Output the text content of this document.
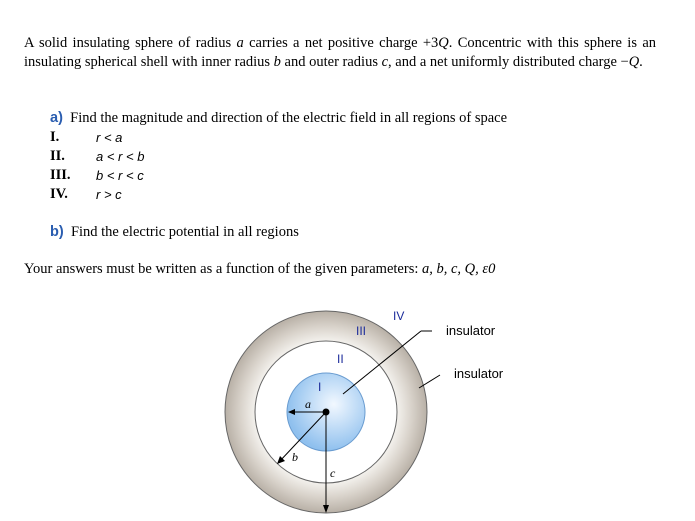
A solid insulating sphere of radius a carries a net positive charge +3Q. Concentric with this sphere is an insulating spherical shell with inner radius b and outer radius c, and a net uniformly distributed charge −Q.
a) Find the magnitude and direction of the electric field in all regions of space
I.	r < a
II. a < r < b
III. b < r < c
IV. r > c
b) Find the electric potential in all regions
Your answers must be written as a function of the given parameters: a, b, c, Q, ε0
I
II
III
IV
insulator
insulator
a
b
c
